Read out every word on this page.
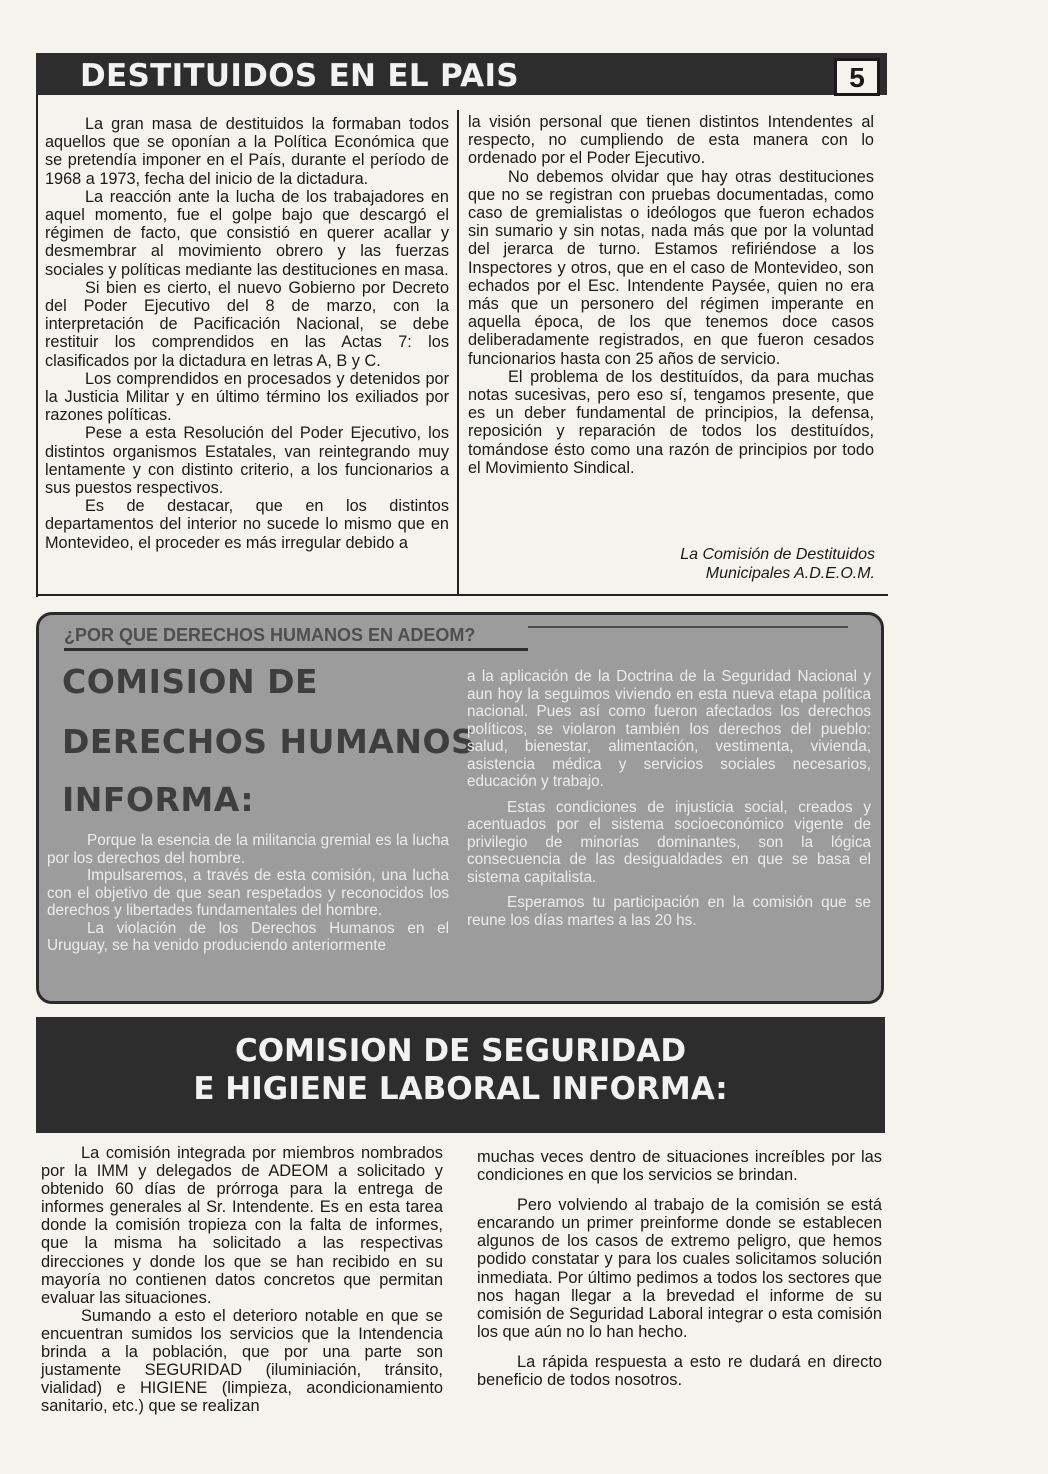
DESTITUIDOS EN EL PAIS	5

La gran masa de destituidos la formaban todos aquellos que se oponían a la Política Económica que se pretendía imponer en el País, durante el período de 1968 a 1973, fecha del inicio de la dictadura.

La reacción ante la lucha de los trabajadores en aquel momento, fue el golpe bajo que descargó el régimen de facto, que consistió en querer acallar y desmembrar al movimiento obrero y las fuerzas sociales y políticas mediante las destituciones en masa.

Si bien es cierto, el nuevo Gobierno por Decreto del Poder Ejecutivo del 8 de marzo, con la interpretación de Pacificación Nacional, se debe restituir los comprendidos en las Actas 7: los clasificados por la dictadura en letras A, B y C.

Los comprendidos en procesados y detenidos por la Justicia Militar y en último término los exiliados por razones políticas.

Pese a esta Resolución del Poder Ejecutivo, los distintos organismos Estatales, van reintegrando muy lentamente y con distinto criterio, a los funcionarios a sus puestos respectivos.

Es de destacar, que en los distintos departamentos del interior no sucede lo mismo que en Montevideo, el proceder es más irregular debido a

la visión personal que tienen distintos Intendentes al respecto, no cumpliendo de esta manera con lo ordenado por el Poder Ejecutivo.

No debemos olvidar que hay otras destituciones que no se registran con pruebas documentadas, como caso de gremialistas o ideólogos que fueron echados sin sumario y sin notas, nada más que por la voluntad del jerarca de turno. Estamos refiriéndose a los Inspectores y otros, que en el caso de Montevideo, son echados por el Esc. Intendente Paysée, quien no era más que un personero del régimen imperante en aquella época, de los que tenemos doce casos deliberadamente registrados, en que fueron cesados funcionarios hasta con 25 años de servicio.

El problema de los destituídos, da para muchas notas sucesivas, pero eso sí, tengamos presente, que es un deber fundamental de principios, la defensa, reposición y reparación de todos los destituídos, tomándose ésto como una razón de principios por todo el Movimiento Sindical.

La Comisión de Destituidos
Municipales A.D.E.O.M.
¿POR QUE DERECHOS HUMANOS EN ADEOM?
COMISION DE
DERECHOS HUMANOS
INFORMA:

Porque la esencia de la militancia gremial es la lucha por los derechos del hombre.

Impulsaremos, a través de esta comisión, una lucha con el objetivo de que sean respetados y reconocidos los derechos y libertades fundamentales del hombre.

La violación de los Derechos Humanos en el Uruguay, se ha venido produciendo anteriormente

a la aplicación de la Doctrina de la Seguridad Nacional y aun hoy la seguimos viviendo en esta nueva etapa política nacional. Pues así como fueron afectados los derechos políticos, se violaron también los derechos del pueblo: salud, bienestar, alimentación, vestimenta, vivienda, asistencia médica y servicios sociales necesarios, educación y trabajo.

Estas condiciones de injusticia social, creados y acentuados por el sistema socioeconómico vigente de privilegio de minorías dominantes, son la lógica consecuencia de las desigualdades en que se basa el sistema capitalista.

Esperamos tu participación en la comisión que se reune los días martes a las 20 hs.

COMISION DE SEGURIDAD
E HIGIENE LABORAL INFORMA:

La comisión integrada por miembros nombrados por la IMM y delegados de ADEOM a solicitado y obtenido 60 días de prórroga para la entrega de informes generales al Sr. Intendente. Es en esta tarea donde la comisión tropieza con la falta de informes, que la misma ha solicitado a las respectivas direcciones y donde los que se han recibido en su mayoría no contienen datos concretos que permitan evaluar las situaciones.

Sumando a esto el deterioro notable en que se encuentran sumidos los servicios que la Intendencia brinda a la población, que por una parte son justamente SEGURIDAD (iluminiación, tránsito, vialidad) e HIGIENE (limpieza, acondicionamiento sanitario, etc.) que se realizan

muchas veces dentro de situaciones increíbles por las condiciones en que los servicios se brindan.

Pero volviendo al trabajo de la comisión se está encarando un primer preinforme donde se establecen algunos de los casos de extremo peligro, que hemos podido constatar y para los cuales solicitamos solución inmediata. Por último pedimos a todos los sectores que nos hagan llegar a la brevedad el informe de su comisión de Seguridad Laboral integrar o esta comisión los que aún no lo han hecho.

La rápida respuesta a esto re dudará en directo beneficio de todos nosotros.
